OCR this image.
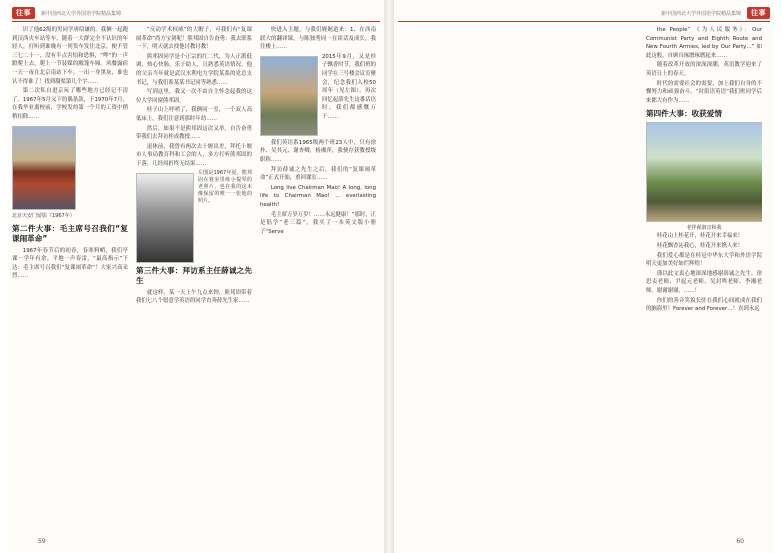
往事	新中国西北大学外国语学院精品集锦

识了他62级的男同学唐绍谦的。我俩一起跑到汉西火车站等车，随着一大群完全不认识的年轻人，打听到谁晚有一列货车发往北京，便不管三七二十一，没有半点害怕和恐惧，“哗”的一声蹬爬上去，爬上一节装煤的敞篷车厢。风餐露宿一天一夜在北京南站下车。一出一身黑灰，谁也认不得谁了！找到凝渠第几个字……

第二次私自进京玩了哪些地方已经记不清了。1967年5月又下的偶条款，于1970年7月，在我毕业离校前，学校发的第一个月的工资中稍稍扣除……

北京天安门留影（1967年）
第二件大事：毛主席号召我们“复课闹革命”

1967年春节后的初春，春寒料峭，我们亭课一学年有余。平地一声春雷，“最高指示”下达：毛主席号召我们“复课闹革命”！大家兴高采烈……

“反动学术权威”的大帽子，可我们有“复课闹革命”尚方宝剑呢！熊邦固自告奋勇：我去联系一下，明天就去找他讨教讨教！

熊邦固同学是个正宗的红二代，为人正派低调，热心快肠，乐于助人，且熟悉英语情况。他的父亲当年就是武汉水利电力学院某系的党总支书记，与我们系某某书记同等熟悉……

写到这里，我又一次不由自主怀念起我的这位大学同窗熊邦固。

桂子山上呼哨了，我俩同一室，一个双人高低床上，我们注意到那时年幼……

然后，如果不是熊邦固这次又举，自告奋勇带我们去拜访桂成教授……

退休前，我曾有两次去十堰出差，拜托十堰市人事局教育科和工会的人，多方打听熊邦固的下落，几经周折终无结果……

左图是1967年夏，熊邦固在寝室里练小提琴的老照片，也在我的这本像保留的唯一一张他的照片。
第三件大事：拜访系主任薛诚之先生

就这样，某一天上午九点来钟，熊邦固带着我们七八个愿意学英语的同学直奔薛先生家……

快进入主题，与我们娓娓道来：1、在西南联大的翻译课，与陈独秀同一在谈话及成长，我往楼上……

2015年9月，又是桂子飘香时节，我们班的同学在三号楼会议室聚会，纪念我们入校50周年（见左图）。再次回忆起薛先生这番话语时，我们都感慨万千……

我们英语系1965级两个班23人中，只有徐朴、吴其元、谢杏卿，杨湘萍，我便存获教授级职称……

拜访薛诚之先生之后，我们的“复课闹革命”正式开始，重回课室……

Long live Chairman Mao! A long, long life to Chairman Mao! ... everlasting health!

毛主席万岁万岁！……永远健康！”那时，正是倡学“老三篇”，我买了一本英文版小册子“Serve

59
新中国西北大学外国语学院精品集锦	往事

the People” 《为人民服务》：Our Communist Party and Eighth Route and New Fourth Armies, led by Our Party…” 如此这般，自顾自琢磨琢磨起来……

随着改革开放的深深深潮，英语教学迎来了英语日上的春天。

时代的需要社会的需要，加上我们自身的不懈努力和顽强奋斗，“封街语英语”我们班同学后来都大有作为……

第四件大事：收获爱情
老伴翟淑宜和我

桂花山上桂花开，桂花开来幸福来！

桂花飘香沁我心，桂花开来携人来！

我们爱心都是在桂冠中华东大学和外语学院明天更加美好如烂辉煌！

谨以此文衷心地深深地感谢薛诚之先生、徐思贞老师、尹起元老师、吴封鸣老师、李湘老师。谢谢谢谢，……！

你们的善音笑貌长驻在我们心间就成在我们的脑海里！Forever and Forever…！直到永远

60
